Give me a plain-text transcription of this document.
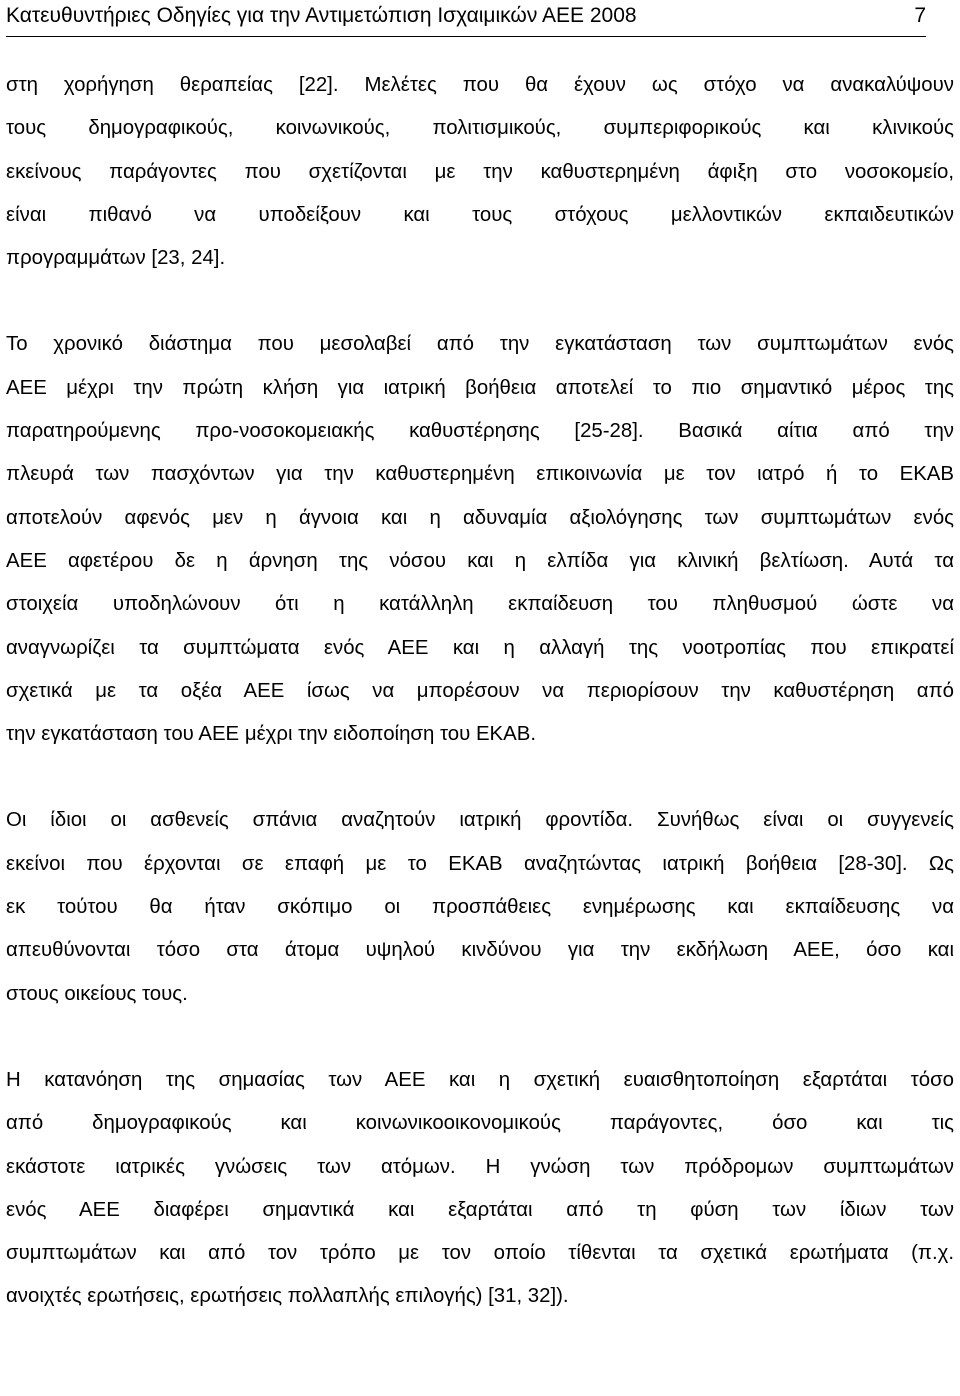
Κατευθυντήριες Οδηγίες για την Αντιμετώπιση Ισχαιμικών ΑΕΕ 2008	7

στη χορήγηση θεραπείας [22]. Μελέτες που θα έχουν ως στόχο να ανακαλύψουν
τους δημογραφικούς, κοινωνικούς, πολιτισμικούς, συμπεριφορικούς και κλινικούς
εκείνους παράγοντες που σχετίζονται με την καθυστερημένη άφιξη στο νοσοκομείο,
είναι πιθανό να υποδείξουν και τους στόχους μελλοντικών εκπαιδευτικών
προγραμμάτων [23, 24].

Το χρονικό διάστημα που μεσολαβεί από την εγκατάσταση των συμπτωμάτων ενός
ΑΕΕ μέχρι την πρώτη κλήση για ιατρική βοήθεια αποτελεί το πιο σημαντικό μέρος της
παρατηρούμενης προ-νοσοκομειακής καθυστέρησης [25-28]. Βασικά αίτια από την
πλευρά των πασχόντων για την καθυστερημένη επικοινωνία με τον ιατρό ή το ΕΚΑΒ
αποτελούν αφενός μεν η άγνοια και η αδυναμία αξιολόγησης των συμπτωμάτων ενός
ΑΕΕ αφετέρου δε η άρνηση της νόσου και η ελπίδα για κλινική βελτίωση. Αυτά τα
στοιχεία υποδηλώνουν ότι η κατάλληλη εκπαίδευση του πληθυσμού ώστε να
αναγνωρίζει τα συμπτώματα ενός ΑΕΕ και η αλλαγή της νοοτροπίας που επικρατεί
σχετικά με τα οξέα ΑΕΕ ίσως να μπορέσουν να περιορίσουν την καθυστέρηση από
την εγκατάσταση του ΑΕΕ μέχρι την ειδοποίηση του ΕΚΑΒ.

Οι ίδιοι οι ασθενείς σπάνια αναζητούν ιατρική φροντίδα. Συνήθως είναι οι συγγενείς
εκείνοι που έρχονται σε επαφή με το ΕΚΑΒ αναζητώντας ιατρική βοήθεια [28-30]. Ως
εκ τούτου θα ήταν σκόπιμο οι προσπάθειες ενημέρωσης και εκπαίδευσης να
απευθύνονται τόσο στα άτομα υψηλού κινδύνου για την εκδήλωση ΑΕΕ, όσο και
στους οικείους τους.

Η κατανόηση της σημασίας των ΑΕΕ και η σχετική ευαισθητοποίηση εξαρτάται τόσο
από δημογραφικούς και κοινωνικοοικονομικούς παράγοντες, όσο και τις
εκάστοτε ιατρικές γνώσεις των ατόμων. Η γνώση των πρόδρομων συμπτωμάτων
ενός ΑΕΕ διαφέρει σημαντικά και εξαρτάται από τη φύση των ίδιων των
συμπτωμάτων και από τον τρόπο με τον οποίο τίθενται τα σχετικά ερωτήματα (π.χ.
ανοιχτές ερωτήσεις, ερωτήσεις πολλαπλής επιλογής) [31, 32]).
